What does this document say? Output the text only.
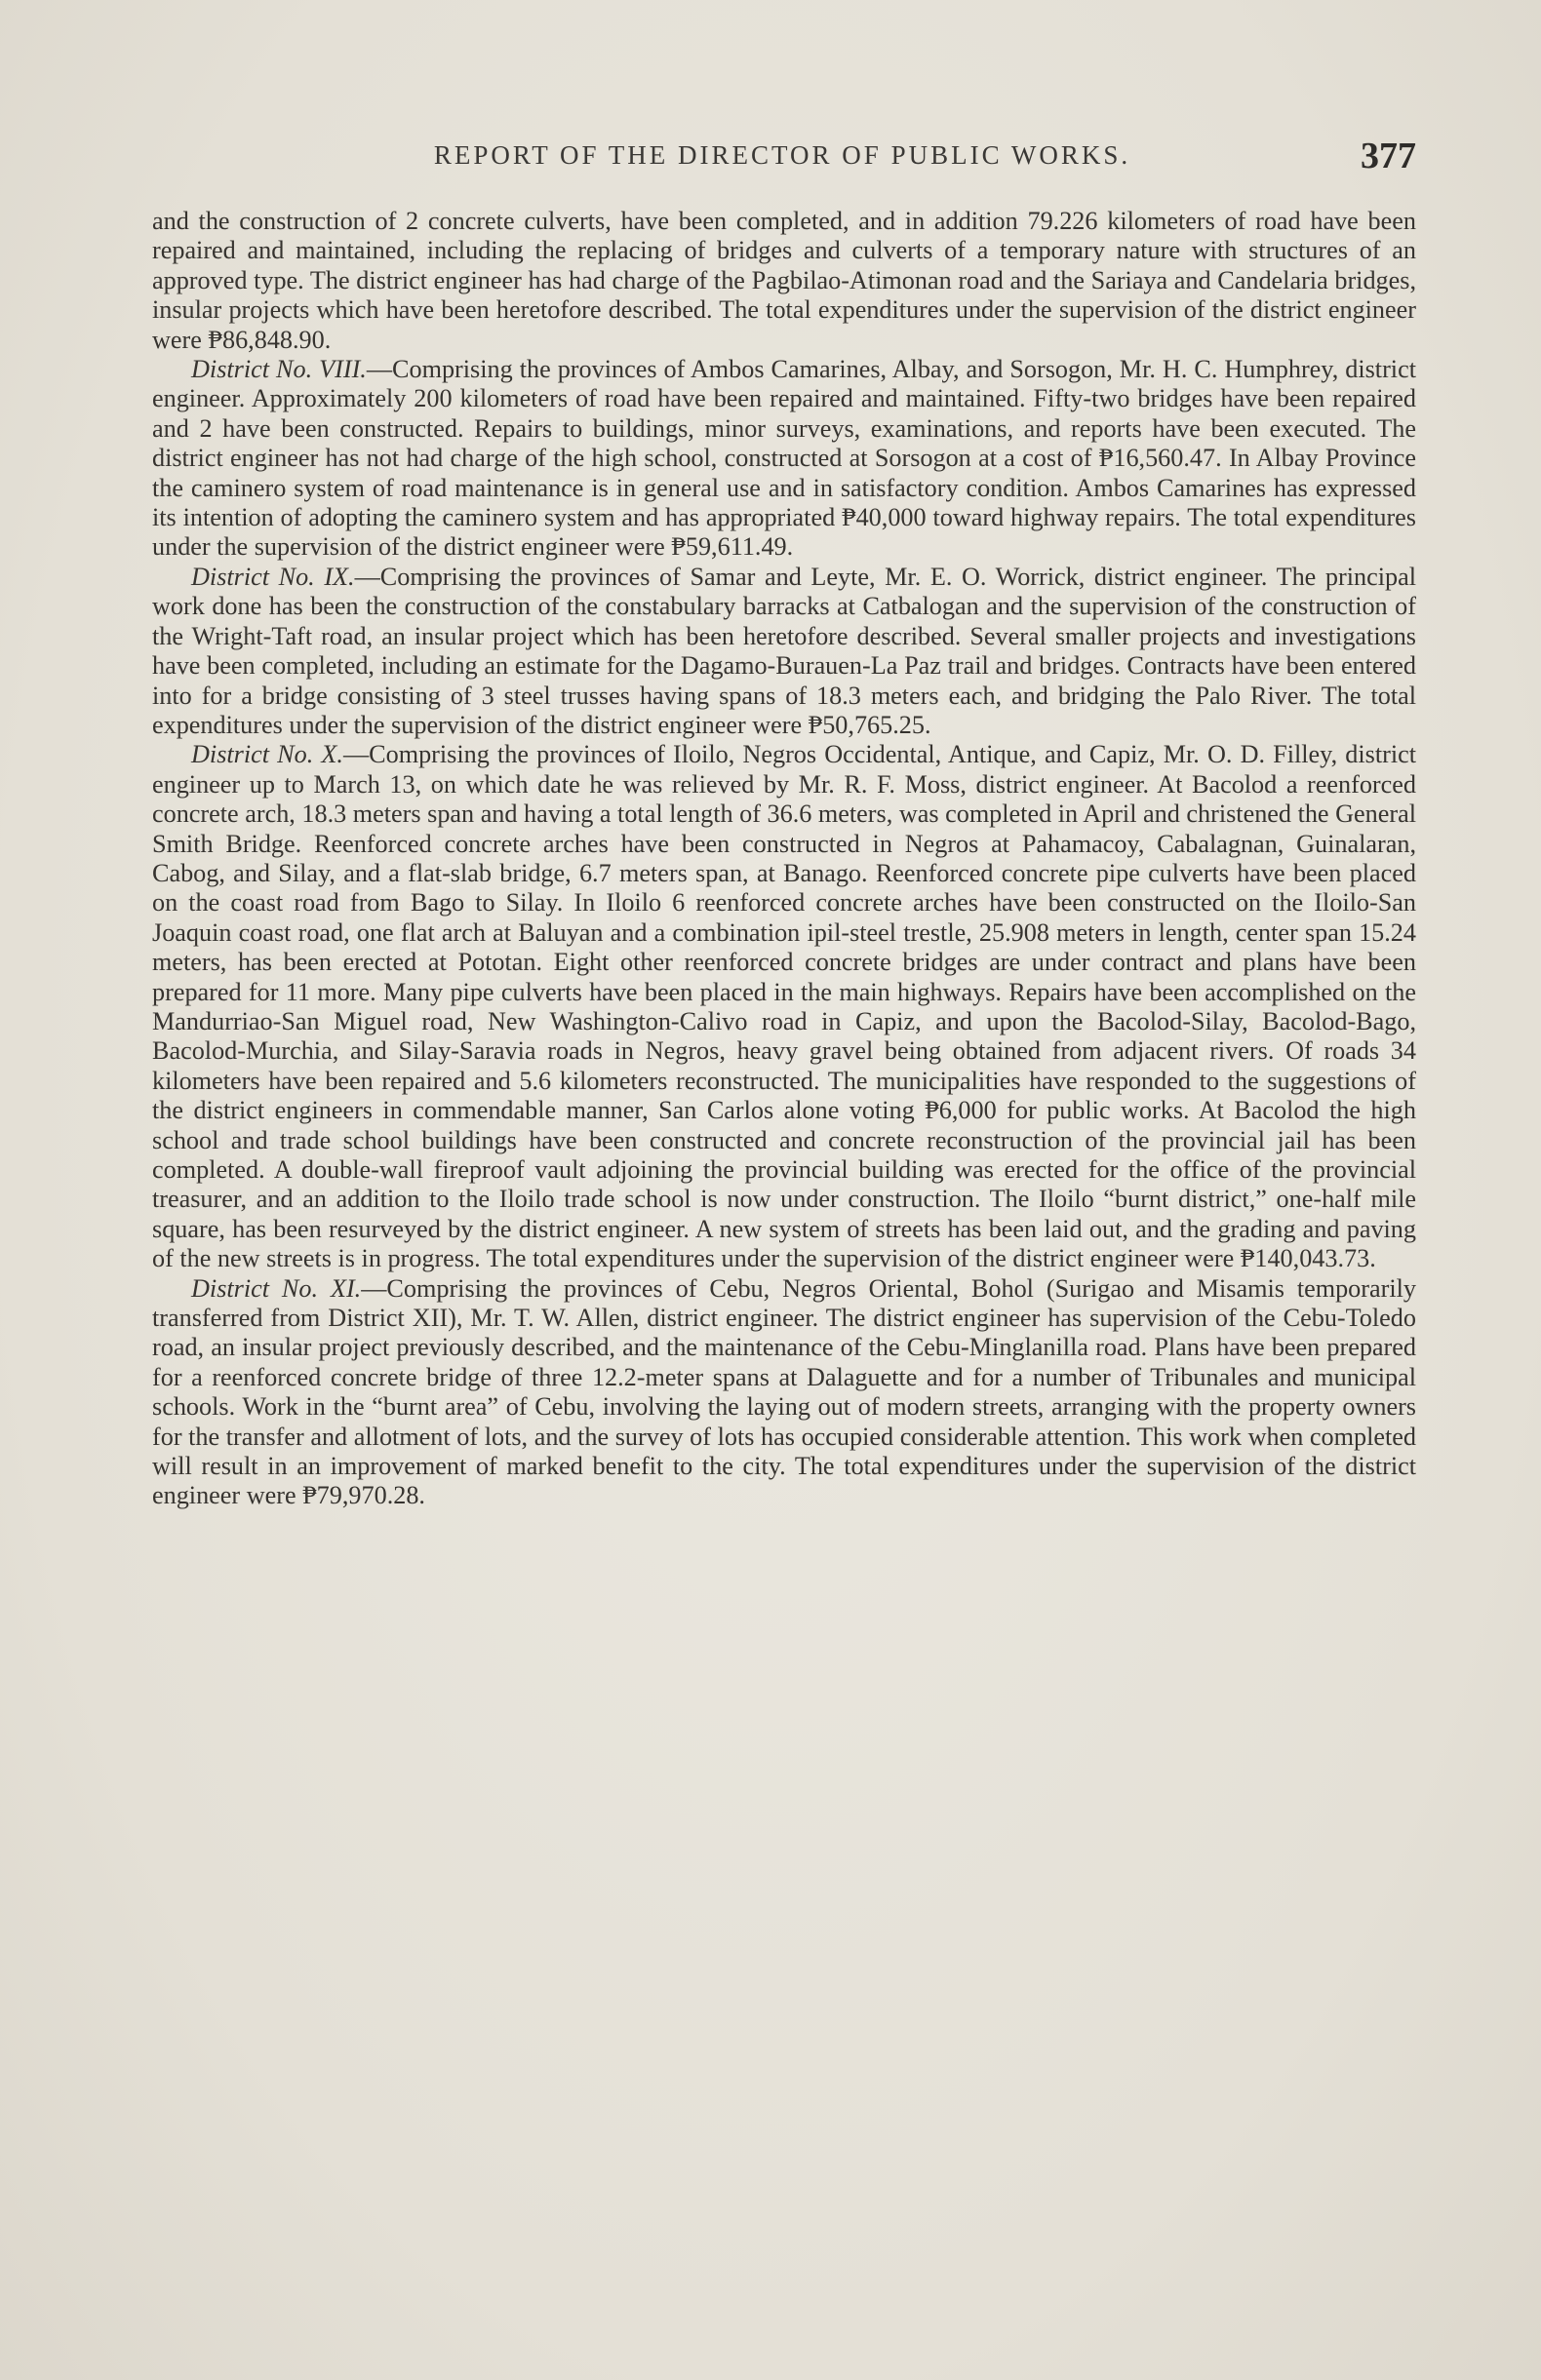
REPORT OF THE DIRECTOR OF PUBLIC WORKS.	377

and the construction of 2 concrete culverts, have been completed, and in addition 79.226 kilometers of road have been repaired and maintained, including the replacing of bridges and culverts of a temporary nature with structures of an approved type. The district engineer has had charge of the Pagbilao-Atimonan road and the Sariaya and Candelaria bridges, insular projects which have been heretofore described. The total expenditures under the supervision of the district engineer were ₱86,848.90.

District No. VIII.—Comprising the provinces of Ambos Camarines, Albay, and Sorsogon, Mr. H. C. Humphrey, district engineer. Approximately 200 kilometers of road have been repaired and maintained. Fifty-two bridges have been repaired and 2 have been constructed. Repairs to buildings, minor surveys, examinations, and reports have been executed. The district engineer has not had charge of the high school, constructed at Sorsogon at a cost of ₱16,560.47. In Albay Province the caminero system of road maintenance is in general use and in satisfactory condition. Ambos Camarines has expressed its intention of adopting the caminero system and has appropriated ₱40,000 toward highway repairs. The total expenditures under the supervision of the district engineer were ₱59,611.49.

District No. IX.—Comprising the provinces of Samar and Leyte, Mr. E. O. Worrick, district engineer. The principal work done has been the construction of the constabulary barracks at Catbalogan and the supervision of the construction of the Wright-Taft road, an insular project which has been heretofore described. Several smaller projects and investigations have been completed, including an estimate for the Dagamo-Burauen-La Paz trail and bridges. Contracts have been entered into for a bridge consisting of 3 steel trusses having spans of 18.3 meters each, and bridging the Palo River. The total expenditures under the supervision of the district engineer were ₱50,765.25.

District No. X.—Comprising the provinces of Iloilo, Negros Occidental, Antique, and Capiz, Mr. O. D. Filley, district engineer up to March 13, on which date he was relieved by Mr. R. F. Moss, district engineer. At Bacolod a reenforced concrete arch, 18.3 meters span and having a total length of 36.6 meters, was completed in April and christened the General Smith Bridge. Reenforced concrete arches have been constructed in Negros at Pahamacoy, Cabalagnan, Guinalaran, Cabog, and Silay, and a flat-slab bridge, 6.7 meters span, at Banago. Reenforced concrete pipe culverts have been placed on the coast road from Bago to Silay. In Iloilo 6 reenforced concrete arches have been constructed on the Iloilo-San Joaquin coast road, one flat arch at Baluyan and a combination ipil-steel trestle, 25.908 meters in length, center span 15.24 meters, has been erected at Pototan. Eight other reenforced concrete bridges are under contract and plans have been prepared for 11 more. Many pipe culverts have been placed in the main highways. Repairs have been accomplished on the Mandurriao-San Miguel road, New Washington-Calivo road in Capiz, and upon the Bacolod-Silay, Bacolod-Bago, Bacolod-Murchia, and Silay-Saravia roads in Negros, heavy gravel being obtained from adjacent rivers. Of roads 34 kilometers have been repaired and 5.6 kilometers reconstructed. The municipalities have responded to the suggestions of the district engineers in commendable manner, San Carlos alone voting ₱6,000 for public works. At Bacolod the high school and trade school buildings have been constructed and concrete reconstruction of the provincial jail has been completed. A double-wall fireproof vault adjoining the provincial building was erected for the office of the provincial treasurer, and an addition to the Iloilo trade school is now under construction. The Iloilo “burnt district,” one-half mile square, has been resurveyed by the district engineer. A new system of streets has been laid out, and the grading and paving of the new streets is in progress. The total expenditures under the supervision of the district engineer were ₱140,043.73.

District No. XI.—Comprising the provinces of Cebu, Negros Oriental, Bohol (Surigao and Misamis temporarily transferred from District XII), Mr. T. W. Allen, district engineer. The district engineer has supervision of the Cebu-Toledo road, an insular project previously described, and the maintenance of the Cebu-Minglanilla road. Plans have been prepared for a reenforced concrete bridge of three 12.2-meter spans at Dalaguette and for a number of Tribunales and municipal schools. Work in the “burnt area” of Cebu, involving the laying out of modern streets, arranging with the property owners for the transfer and allotment of lots, and the survey of lots has occupied considerable attention. This work when completed will result in an improvement of marked benefit to the city. The total expenditures under the supervision of the district engineer were ₱79,970.28.
